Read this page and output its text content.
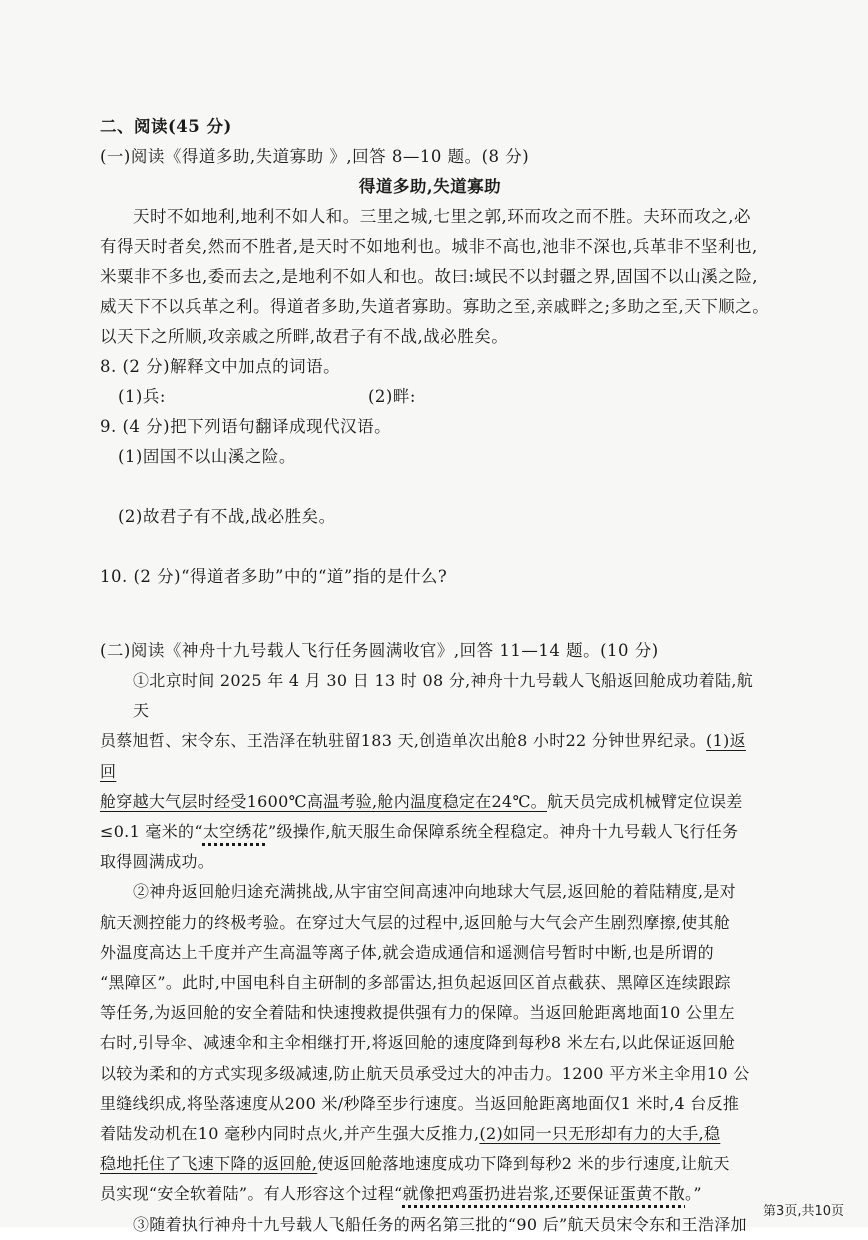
二、阅读(45 分)
(一)阅读《得道多助,失道寡助 》,回答 8—10 题。(8 分)
得道多助,失道寡助
天时不如地利,地利不如人和。三里之城,七里之郭,环而攻之而不胜。夫环而攻之,必
有得天时者矣,然而不胜者,是天时不如地利也。城非不高也,池非不深也,兵革非不坚利也,
米粟非不多也,委而去之,是地利不如人和也。故曰:域民不以封疆之界,固国不以山溪之险,
威天下不以兵革之利。得道者多助,失道者寡助。寡助之至,亲戚畔之;多助之至,天下顺之。
以天下之所顺,攻亲戚之所畔,故君子有不战,战必胜矣。
8. (2 分)解释文中加点的词语。
(1)兵:	(2)畔:
9. (4 分)把下列语句翻译成现代汉语。
(1)固国不以山溪之险。
(2)故君子有不战,战必胜矣。
10. (2 分)“得道者多助”中的“道”指的是什么?
(二)阅读《神舟十九号载人飞行任务圆满收官》,回答 11—14 题。(10 分)
①北京时间 2025 年 4 月 30 日 13 时 08 分,神舟十九号载人飞船返回舱成功着陆,航天
员蔡旭哲、宋令东、王浩泽在轨驻留183 天,创造单次出舱8 小时22 分钟世界纪录。(1)返回
舱穿越大气层时经受1600℃高温考验,舱内温度稳定在24℃。航天员完成机械臂定位误差
≤0.1 毫米的“太空绣花”级操作,航天服生命保障系统全程稳定。神舟十九号载人飞行任务
取得圆满成功。
②神舟返回舱归途充满挑战,从宇宙空间高速冲向地球大气层,返回舱的着陆精度,是对
航天测控能力的终极考验。在穿过大气层的过程中,返回舱与大气会产生剧烈摩擦,使其舱
外温度高达上千度并产生高温等离子体,就会造成通信和遥测信号暂时中断,也是所谓的
“黑障区”。此时,中国电科自主研制的多部雷达,担负起返回区首点截获、黑障区连续跟踪
等任务,为返回舱的安全着陆和快速搜救提供强有力的保障。当返回舱距离地面10 公里左
右时,引导伞、减速伞和主伞相继打开,将返回舱的速度降到每秒8 米左右,以此保证返回舱
以较为柔和的方式实现多级减速,防止航天员承受过大的冲击力。1200 平方米主伞用10 公
里缝线织成,将坠落速度从200 米/秒降至步行速度。当返回舱距离地面仅1 米时,4 台反推
着陆发动机在10 毫秒内同时点火,并产生强大反推力,(2)如同一只无形却有力的大手,稳
稳地托住了飞速下降的返回舱,使返回舱落地速度成功下降到每秒2 米的步行速度,让航天
员实现“安全软着陆”。有人形容这个过程“就像把鸡蛋扔进岩浆,还要保证蛋黄不散。”
③随着执行神舟十九号载人飞船任务的两名第三批的“90 后”航天员宋令东和王浩泽加
第3页,共10页
